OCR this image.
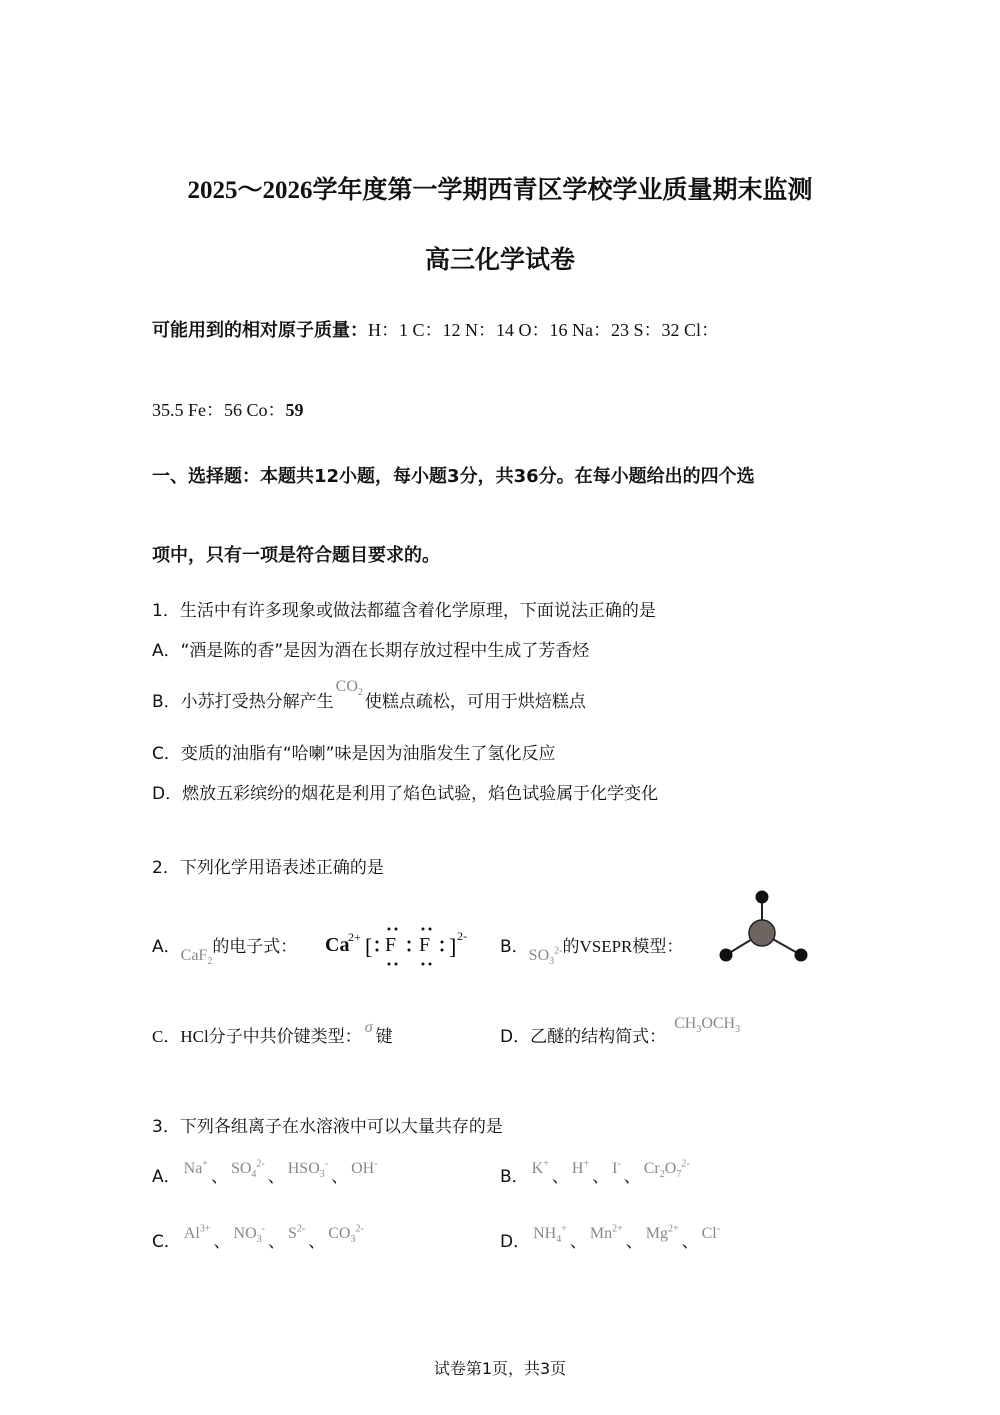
2025～2026学年度第一学期西青区学校学业质量期末监测
高三化学试卷
可能用到的相对原子质量：H：1 C：12 N：14 O：16 Na：23 S：32 Cl：
35.5 Fe：56 Co：59
一、选择题：本题共12小题，每小题3分，共36分。在每小题给出的四个选
项中，只有一项是符合题目要求的。
1．生活中有许多现象或做法都蕴含着化学原理，下面说法正确的是
A．“酒是陈的香”是因为酒在长期存放过程中生成了芳香烃
B．小苏打受热分解产生$CO_2$ 使糕点疏松，可用于烘焙糕点
C．变质的油脂有“哈喇”味是因为油脂发生了氢化反应
D．燃放五彩缤纷的烟花是利用了焰色试验，焰色试验属于化学变化
2．下列化学用语表述正确的是
A．CaF$_2$的电子式： Ca
2+ [	]
F F 2-
B．$SO_3^{2-}$的VSEPR模型：
C．HCl分子中共价键类型： σ 键	D．乙醚的结构简式：$CH_3OCH_3$
3．下列各组离子在水溶液中可以大量共存的是
A． Na+、 $SO_4^{2-}$、 $HSO_3^-$、 OH-
B． K+、 H+、 I-、 $Cr_2O_7^{2-}$
C． $Al^{3+}$、 $NO_3^-$、 $S^{2-}$、 $CO_3^{2-}$
D． $NH_4^+$、 $Mn^{2+}$、 $Mg^{2+}$、 Cl-
试卷第1页，共3页
